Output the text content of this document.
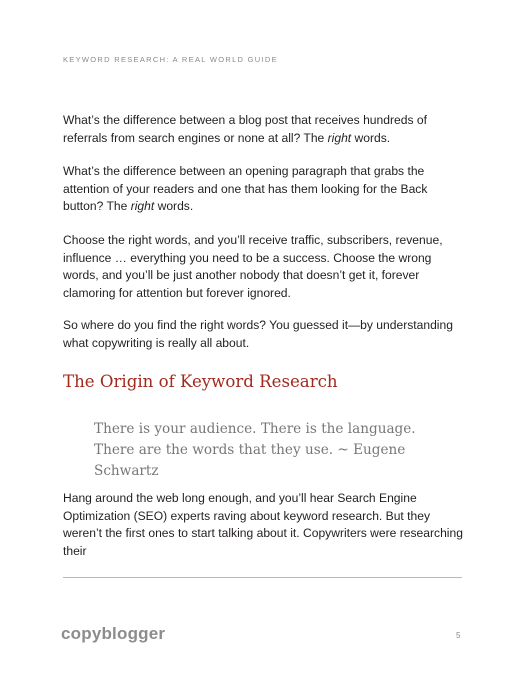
KEYWORD RESEARCH: A REAL WORLD GUIDE

What’s the difference between a blog post that receives hundreds of referrals from search engines or none at all? The right words.

What’s the difference between an opening paragraph that grabs the attention of your readers and one that has them looking for the Back button? The right words.

Choose the right words, and you’ll receive traffic, subscribers, revenue, influence … everything you need to be a success. Choose the wrong words, and you’ll be just another nobody that doesn’t get it, forever clamoring for attention but forever ignored.

So where do you find the right words? You guessed it—by understanding what copywriting is really all about.

The Origin of Keyword Research
There is your audience. There is the language. There are the words that they use. ~ Eugene Schwartz

Hang around the web long enough, and you’ll hear Search Engine Optimization (SEO) experts raving about keyword research. But they weren’t the first ones to start talking about it. Copywriters were researching their

copyblogger	5
